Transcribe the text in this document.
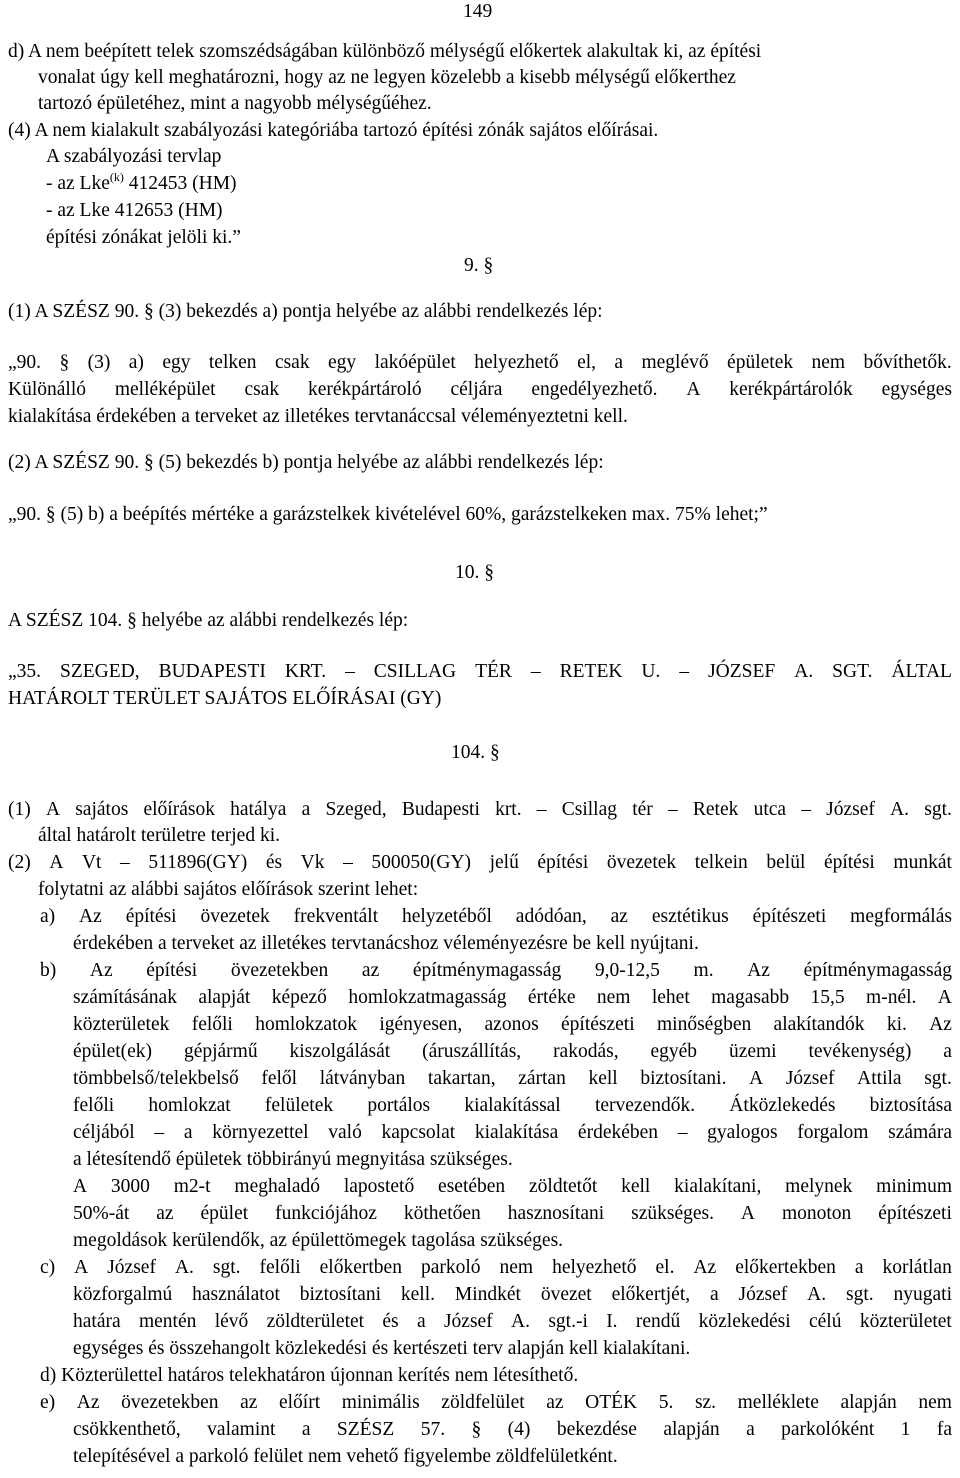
149
d) A nem beépített telek szomszédságában különböző mélységű előkertek alakultak ki, az építési
vonalat úgy kell meghatározni, hogy az ne legyen közelebb a kisebb mélységű előkerthez
tartozó épületéhez, mint a nagyobb mélységűéhez.
(4) A nem kialakult szabályozási kategóriába tartozó építési zónák sajátos előírásai.
A szabályozási tervlap
- az Lke$^{(k)}$ 412453 (HM)
- az Lke 412653 (HM)
építési zónákat jelöli ki.”
9. §
(1) A SZÉSZ 90. § (3) bekezdés a) pontja helyébe az alábbi rendelkezés lép:
„90. § (3) a) egy telken csak egy lakóépület helyezhető el, a meglévő épületek nem bővíthetők.
Különálló melléképület csak kerékpártároló céljára engedélyezhető. A kerékpártárolók egységes
kialakítása érdekében a terveket az illetékes tervtanáccsal véleményeztetni kell.
(2) A SZÉSZ 90. § (5) bekezdés b) pontja helyébe az alábbi rendelkezés lép:
„90. § (5) b) a beépítés mértéke a garázstelkek kivételével 60%, garázstelkeken max. 75% lehet;”
10. §
A SZÉSZ 104. § helyébe az alábbi rendelkezés lép:
„35. SZEGED, BUDAPESTI KRT. – CSILLAG TÉR – RETEK U. – JÓZSEF A. SGT. ÁLTAL
HATÁROLT TERÜLET SAJÁTOS ELŐÍRÁSAI (GY)
104. §
(1) A sajátos előírások hatálya a Szeged, Budapesti krt. – Csillag tér – Retek utca – József A. sgt.
által határolt területre terjed ki.
(2) A Vt – 511896(GY) és Vk – 500050(GY) jelű építési övezetek telkein belül építési munkát
folytatni az alábbi sajátos előírások szerint lehet:
a) Az építési övezetek frekventált helyzetéből adódóan, az esztétikus építészeti megformálás
érdekében a terveket az illetékes tervtanácshoz véleményezésre be kell nyújtani.
b) Az építési övezetekben az építménymagasság 9,0-12,5 m. Az építménymagasság
számításának alapját képező homlokzatmagasság értéke nem lehet magasabb 15,5 m-nél. A
közterületek felőli homlokzatok igényesen, azonos építészeti minőségben alakítandók ki. Az
épület(ek) gépjármű kiszolgálását (áruszállítás, rakodás, egyéb üzemi tevékenység) a
tömbbelső/telekbelső felől látványban takartan, zártan kell biztosítani. A József Attila sgt.
felőli homlokzat felületek portálos kialakítással tervezendők. Átközlekedés biztosítása
céljából – a környezettel való kapcsolat kialakítása érdekében – gyalogos forgalom számára
a létesítendő épületek többirányú megnyitása szükséges.
A 3000 m2-t meghaladó lapostető esetében zöldtetőt kell kialakítani, melynek minimum
50%-át az épület funkciójához köthetően hasznosítani szükséges. A monoton építészeti
megoldások kerülendők, az épülettömegek tagolása szükséges.
c) A József A. sgt. felőli előkertben parkoló nem helyezhető el. Az előkertekben a korlátlan
közforgalmú használatot biztosítani kell. Mindkét övezet előkertjét, a József A. sgt. nyugati
határa mentén lévő zöldterületet és a József A. sgt.-i I. rendű közlekedési célú közterületet
egységes és összehangolt közlekedési és kertészeti terv alapján kell kialakítani.
d) Közterülettel határos telekhatáron újonnan kerítés nem létesíthető.
e) Az övezetekben az előírt minimális zöldfelület az OTÉK 5. sz. melléklete alapján nem
csökkenthető, valamint a SZÉSZ 57. § (4) bekezdése alapján a parkolóként 1 fa
telepítésével a parkoló felület nem vehető figyelembe zöldfelületként.
